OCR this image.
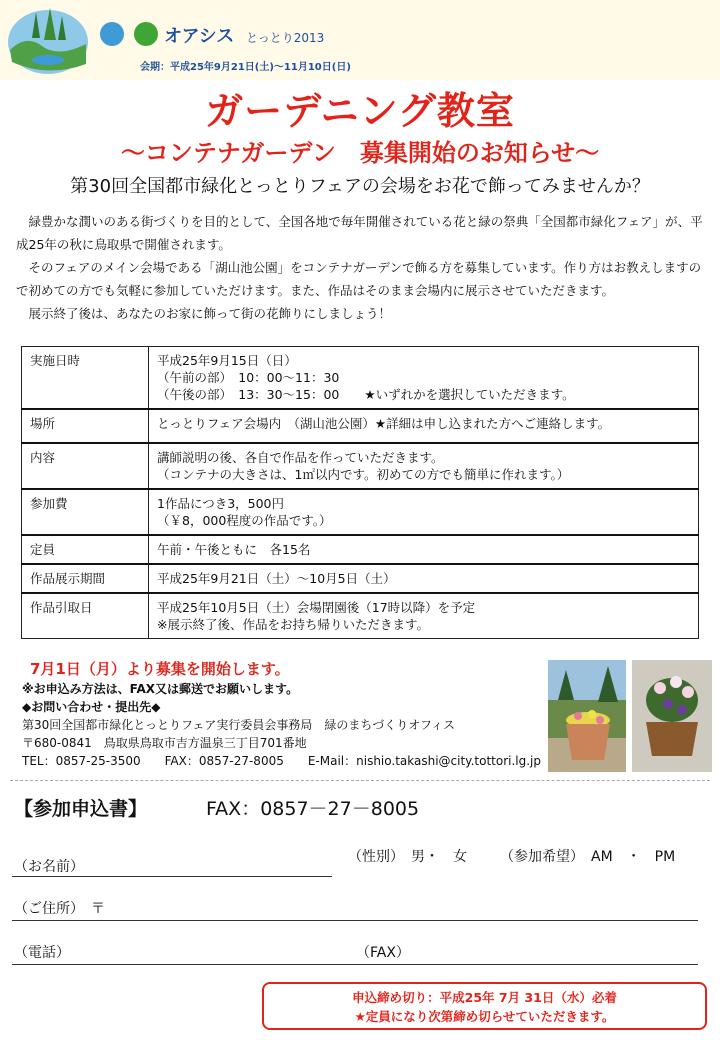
オアシス とっとり2013
会期：平成25年9月21日(土)～11月10日(日)
ガーデニング教室
～コンテナガーデン　募集開始のお知らせ～
第30回全国都市緑化とっとりフェアの会場をお花で飾ってみませんか？

　緑豊かな潤いのある街づくりを目的として、全国各地で毎年開催されている花と緑の祭典「全国都市緑化フェア」が、平成25年の秋に鳥取県で開催されます。

　そのフェアのメイン会場である「湖山池公園」をコンテナガーデンで飾る方を募集しています。作り方はお教えしますので初めての方でも気軽に参加していただけます。また、作品はそのまま会場内に展示させていただきます。

　展示終了後は、あなたのお家に飾って街の花飾りにしましょう！

実施日時	平成25年9月15日（日）
（午前の部）　10：00～11：30
（午後の部）　13：30～15：00　　★いずれかを選択していただきます。

場所	とっとりフェア会場内　（湖山池公園）★詳細は申し込まれた方へご連絡します。

内容	講師説明の後、各自で作品を作っていただきます。
（コンテナの大きさは、1㎡以内です。初めての方でも簡単に作れます。）

参加費	1作品につき3，500円
（￥8，000程度の作品です。）

定員	午前・午後ともに　各15名

作品展示期間	平成25年9月21日（土）～10月5日（土）

作品引取日	平成25年10月5日（土）会場閉園後（17時以降）を予定
※展示終了後、作品をお持ち帰りいただきます。
7月1日（月）より募集を開始します。
※お申込み方法は、FAX又は郵送でお願いします。
◆お問い合わせ・提出先◆
第30回全国都市緑化とっとりフェア実行委員会事務局　緑のまちづくりオフィス
〒680-0841　鳥取県鳥取市吉方温泉三丁目701番地
TEL：0857-25-3500　　FAX：0857-27-8005　　E-Mail：nishio.takashi@city.tottori.lg.jp
【参加申込書】	FAX：0857－27－8005
（性別）　男・　女 （参加希望）　AM　・　PM
（お名前）
（ご住所）　〒
（電話）	（FAX）
申込締め切り：平成25年 7月 31日（水）必着
★定員になり次第締め切らせていただきます。
